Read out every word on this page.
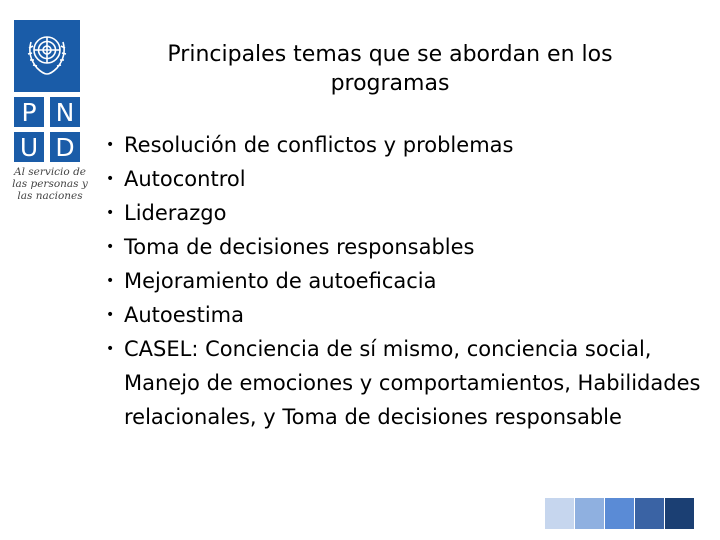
P N
U D
Al servicio de las personas y las naciones
Principales temas que se abordan en los programas
• Resolución de conflictos y problemas
• Autocontrol
• Liderazgo
• Toma de decisiones responsables
• Mejoramiento de autoeficacia
• Autoestima
• CASEL: Conciencia de sí mismo, conciencia social, Manejo de emociones y comportamientos, Habilidades relacionales, y Toma de decisiones responsable
